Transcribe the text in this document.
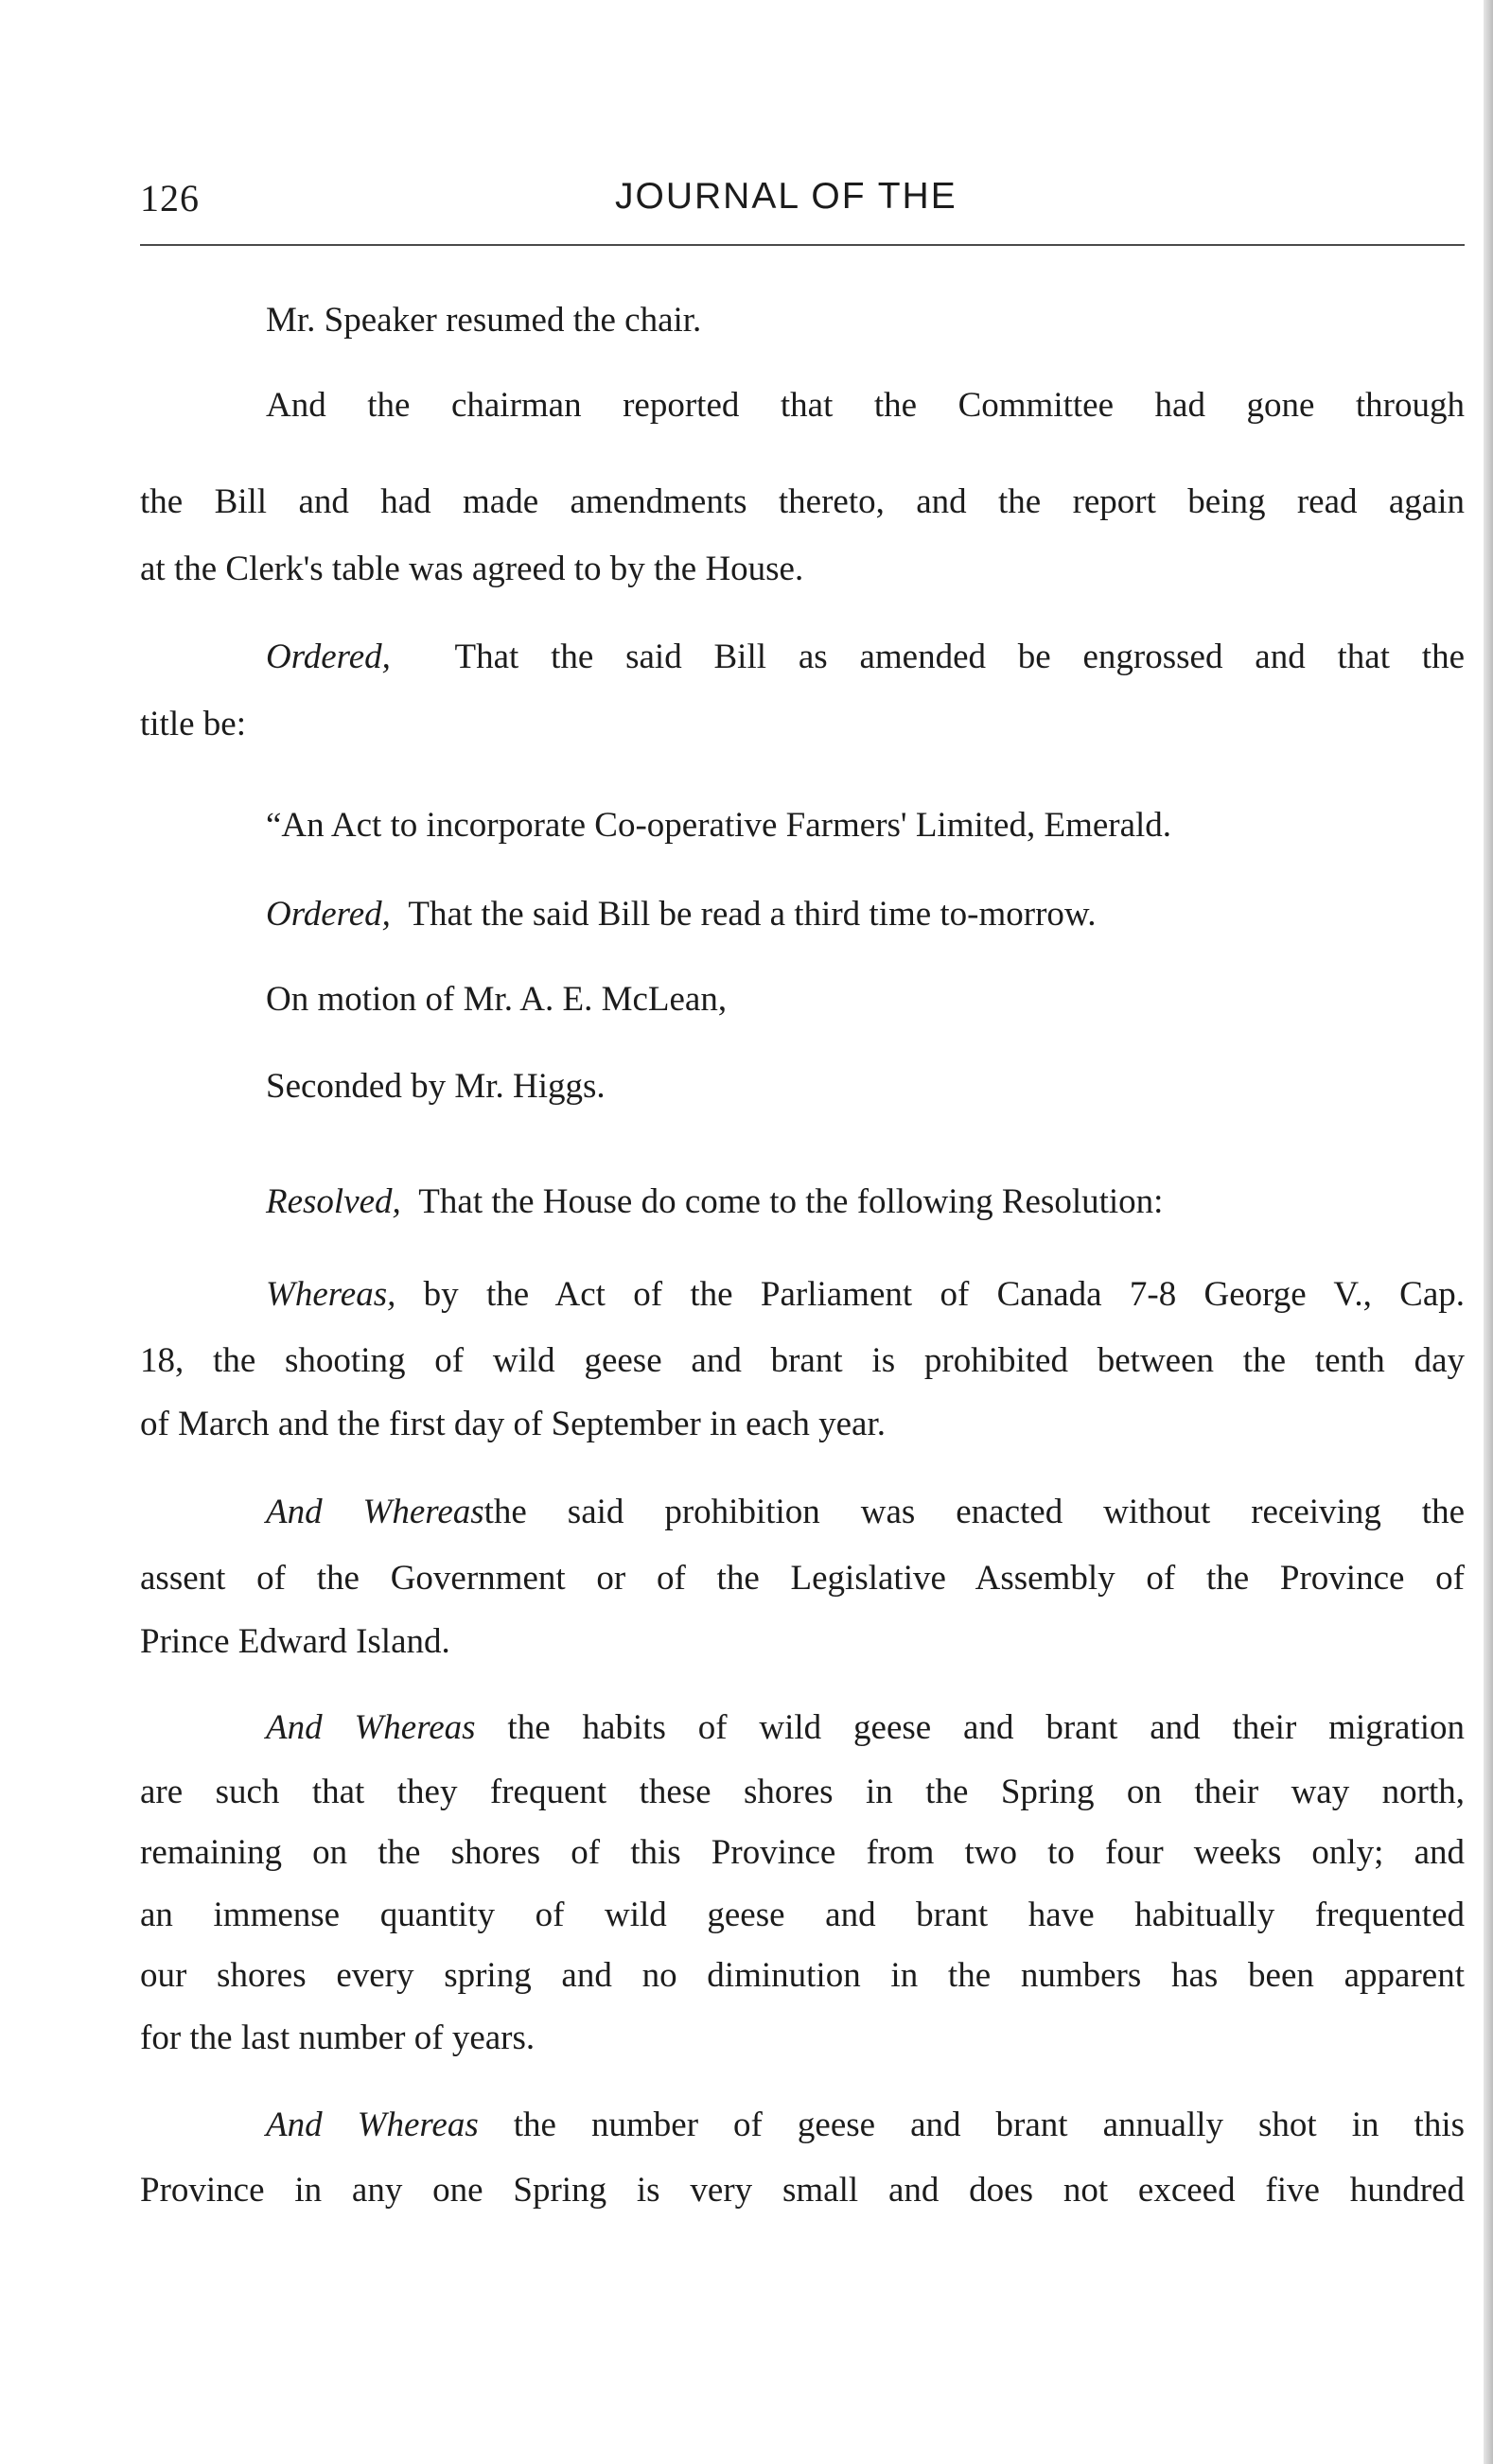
126	JOURNAL OF THE
Mr. Speaker resumed the chair.
And the chairman reported that the Committee had gone through
the Bill and had made amendments thereto, and the report being read again
at the Clerk's table was agreed to by the House.
Ordered, That the said Bill as amended be engrossed and that the
title be:
“An Act to incorporate Co-operative Farmers' Limited, Emerald.
Ordered, That the said Bill be read a third time to-morrow.
On motion of Mr. A. E. McLean,
Seconded by Mr. Higgs.
Resolved, That the House do come to the following Resolution:
Whereas, by the Act of the Parliament of Canada 7-8 George V., Cap.
18, the shooting of wild geese and brant is prohibited between the tenth day
of March and the first day of September in each year.
And Whereasthe said prohibition was enacted without receiving the
assent of the Government or of the Legislative Assembly of the Province of
Prince Edward Island.
And Whereas the habits of wild geese and brant and their migration
are such that they frequent these shores in the Spring on their way north,
remaining on the shores of this Province from two to four weeks only; and
an immense quantity of wild geese and brant have habitually frequented
our shores every spring and no diminution in the numbers has been apparent
for the last number of years.
And Whereas the number of geese and brant annually shot in this
Province in any one Spring is very small and does not exceed five hundred
